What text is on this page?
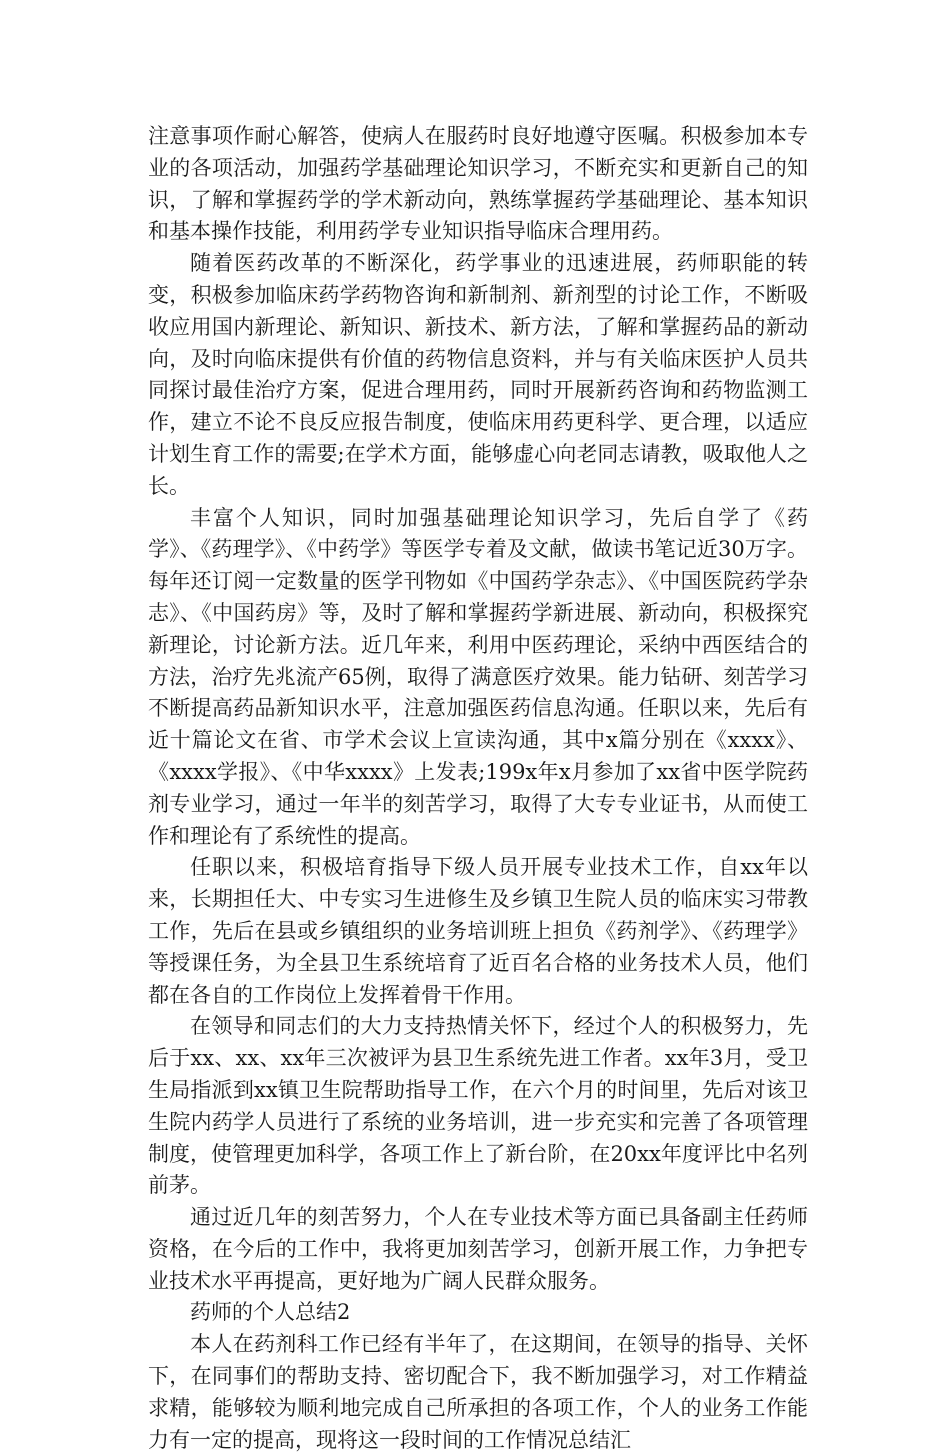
注意事项作耐心解答，使病人在服药时良好地遵守医嘱。积极参加本专业的各项活动，加强药学基础理论知识学习，不断充实和更新自己的知识，了解和掌握药学的学术新动向，熟练掌握药学基础理论、基本知识和基本操作技能，利用药学专业知识指导临床合理用药。

随着医药改革的不断深化，药学事业的迅速进展，药师职能的转变，积极参加临床药学药物咨询和新制剂、新剂型的讨论工作，不断吸收应用国内新理论、新知识、新技术、新方法，了解和掌握药品的新动向，及时向临床提供有价值的药物信息资料，并与有关临床医护人员共同探讨最佳治疗方案，促进合理用药，同时开展新药咨询和药物监测工作，建立不论不良反应报告制度，使临床用药更科学、更合理，以适应计划生育工作的需要;在学术方面，能够虚心向老同志请教，吸取他人之长。

丰富个人知识，同时加强基础理论知识学习，先后自学了《药学》、《药理学》、《中药学》等医学专着及文献，做读书笔记近30万字。每年还订阅一定数量的医学刊物如《中国药学杂志》、《中国医院药学杂志》、《中国药房》等，及时了解和掌握药学新进展、新动向，积极探究新理论，讨论新方法。近几年来，利用中医药理论，采纳中西医结合的方法，治疗先兆流产65例，取得了满意医疗效果。能力钻研、刻苦学习不断提高药品新知识水平，注意加强医药信息沟通。任职以来，先后有近十篇论文在省、市学术会议上宣读沟通，其中x篇分别在《xxxx》、《xxxx学报》、《中华xxxx》上发表;199x年x月参加了xx省中医学院药剂专业学习，通过一年半的刻苦学习，取得了大专专业证书，从而使工作和理论有了系统性的提高。

任职以来，积极培育指导下级人员开展专业技术工作，自xx年以来，长期担任大、中专实习生进修生及乡镇卫生院人员的临床实习带教工作，先后在县或乡镇组织的业务培训班上担负《药剂学》、《药理学》等授课任务，为全县卫生系统培育了近百名合格的业务技术人员，他们都在各自的工作岗位上发挥着骨干作用。

在领导和同志们的大力支持热情关怀下，经过个人的积极努力，先后于xx、xx、xx年三次被评为县卫生系统先进工作者。xx年3月，受卫生局指派到xx镇卫生院帮助指导工作，在六个月的时间里，先后对该卫生院内药学人员进行了系统的业务培训，进一步充实和完善了各项管理制度，使管理更加科学，各项工作上了新台阶，在20xx年度评比中名列前茅。

通过近几年的刻苦努力，个人在专业技术等方面已具备副主任药师资格，在今后的工作中，我将更加刻苦学习，创新开展工作，力争把专业技术水平再提高，更好地为广阔人民群众服务。

药师的个人总结2

本人在药剂科工作已经有半年了，在这期间，在领导的指导、关怀下，在同事们的帮助支持、密切配合下，我不断加强学习，对工作精益求精，能够较为顺利地完成自己所承担的各项工作，个人的业务工作能力有一定的提高，现将这一段时间的工作情况总结汇
